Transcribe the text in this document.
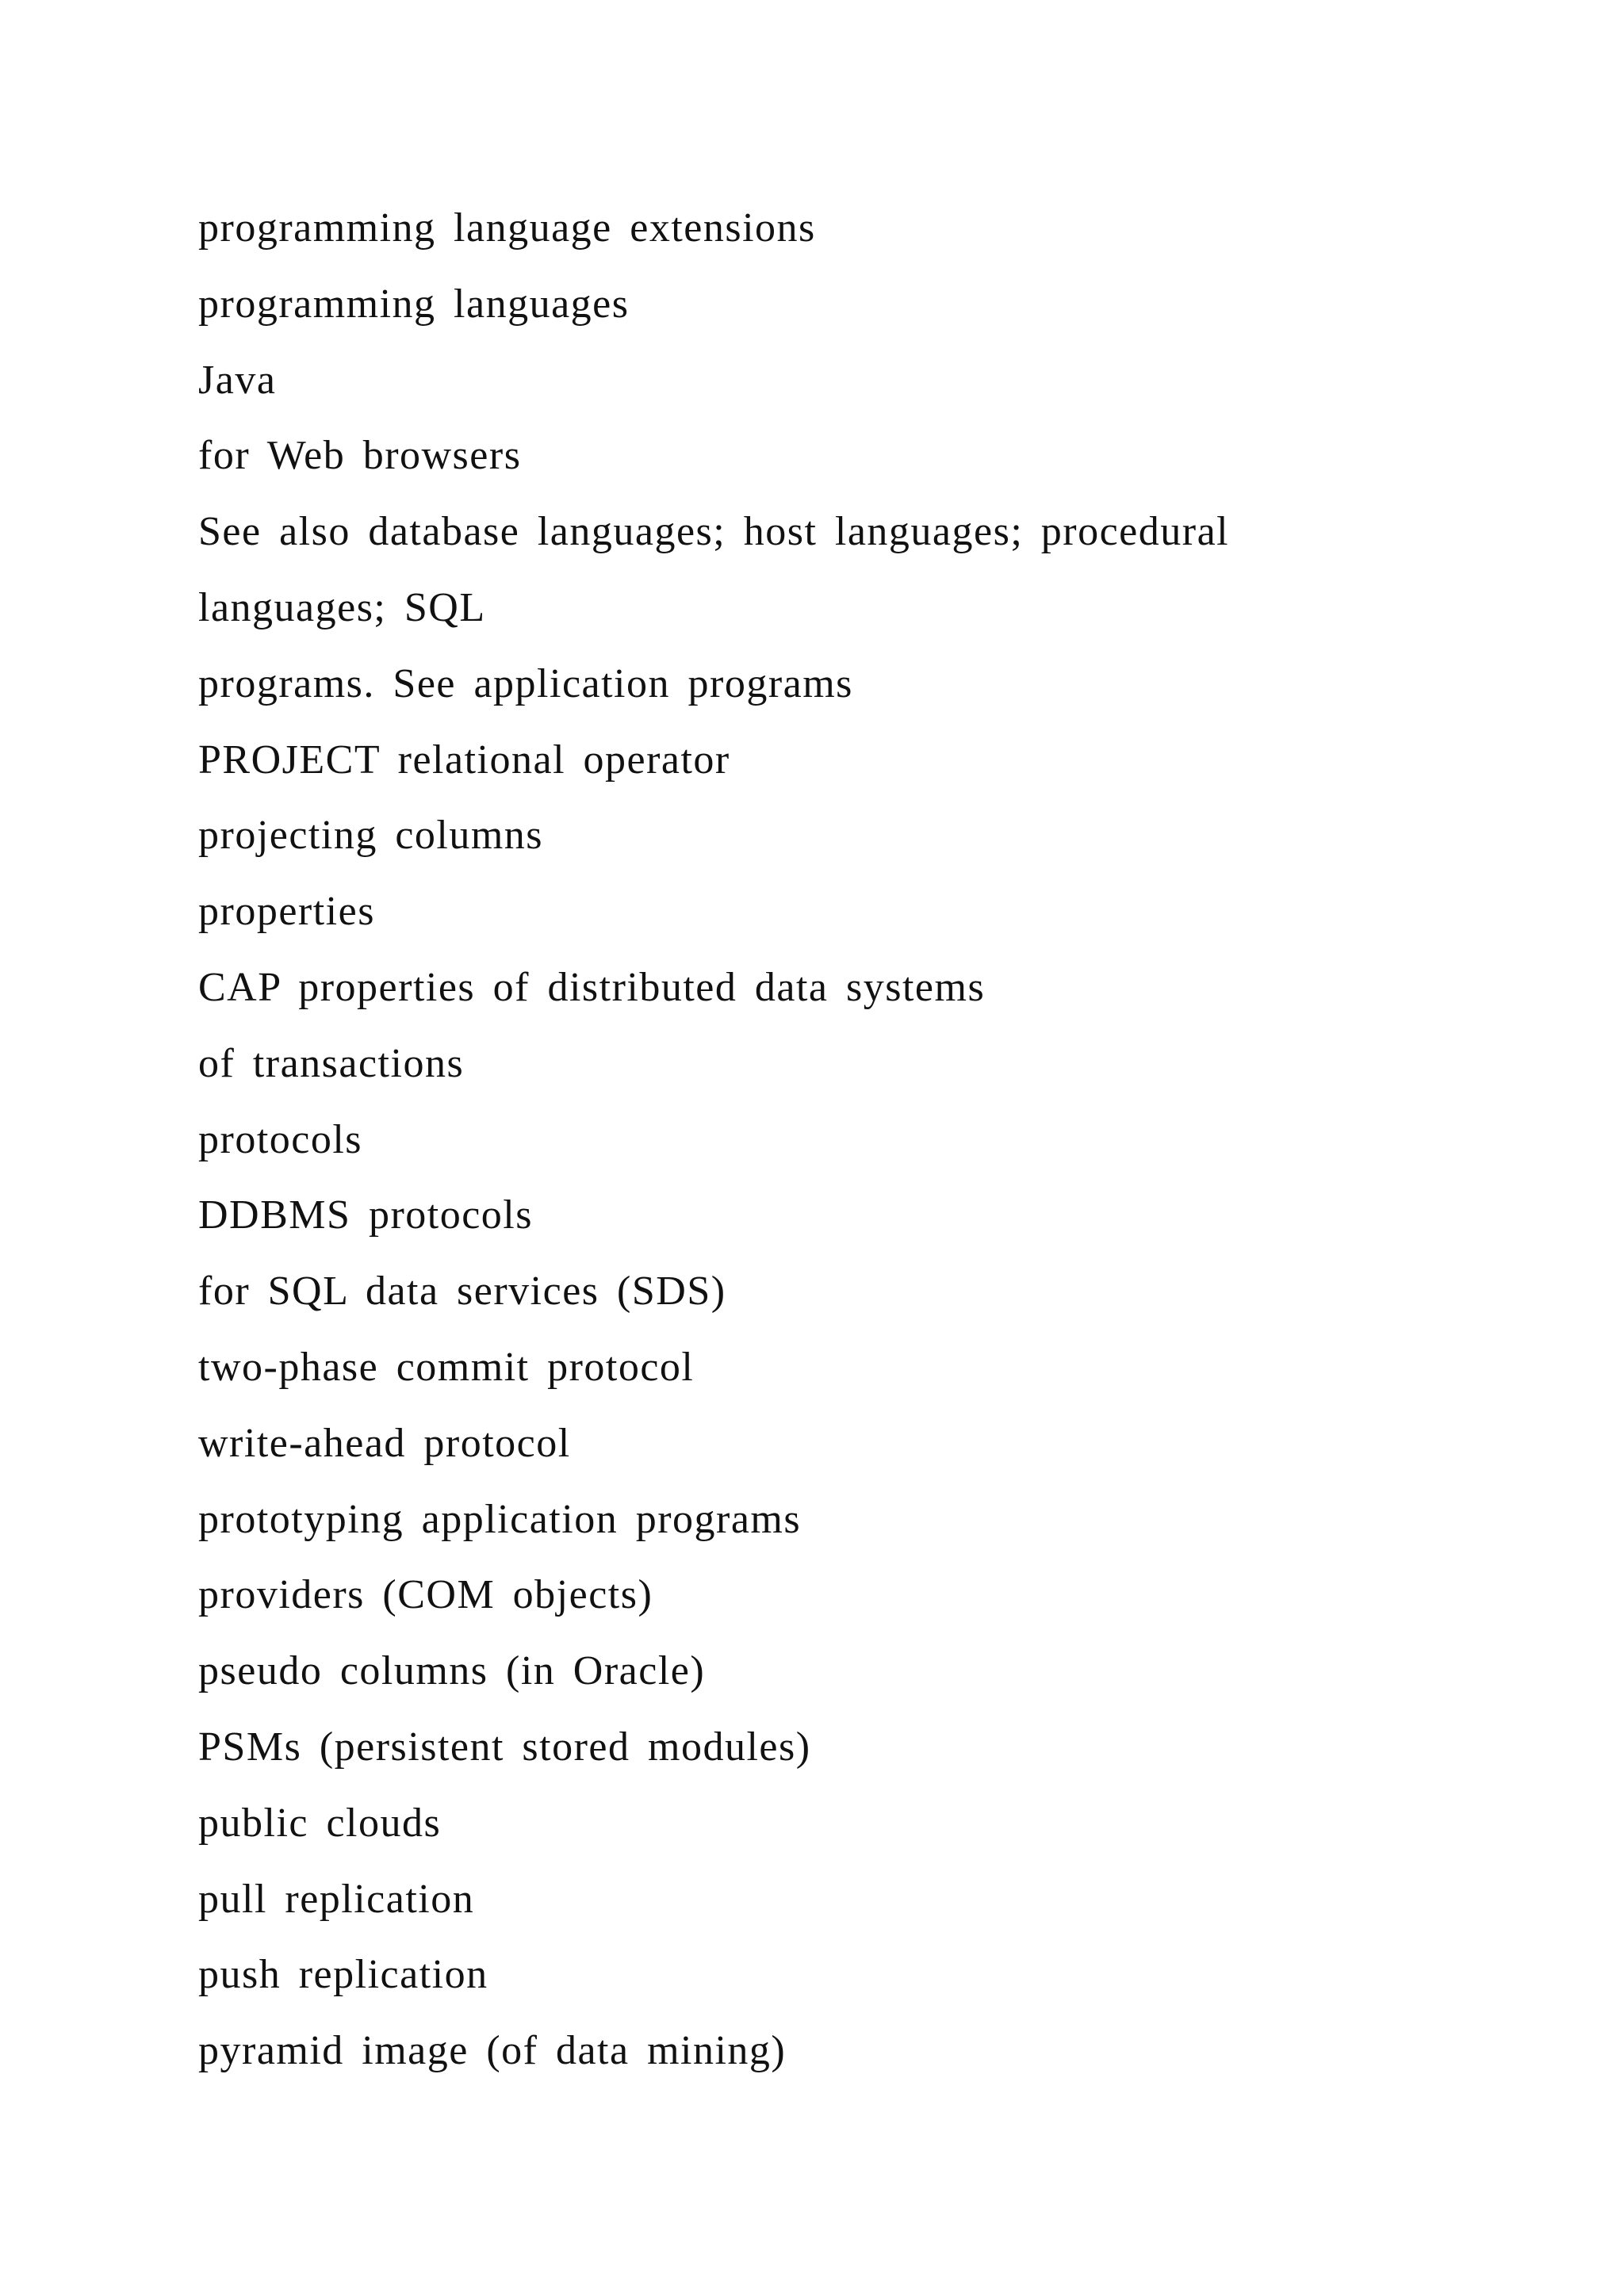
programming language extensions
programming languages
Java
for Web browsers
See also database languages; host languages; procedural
languages; SQL
programs. See application programs
PROJECT relational operator
projecting columns
properties
CAP properties of distributed data systems
of transactions
protocols
DDBMS protocols
for SQL data services (SDS)
two-phase commit protocol
write-ahead protocol
prototyping application programs
providers (COM objects)
pseudo columns (in Oracle)
PSMs (persistent stored modules)
public clouds
pull replication
push replication
pyramid image (of data mining)
